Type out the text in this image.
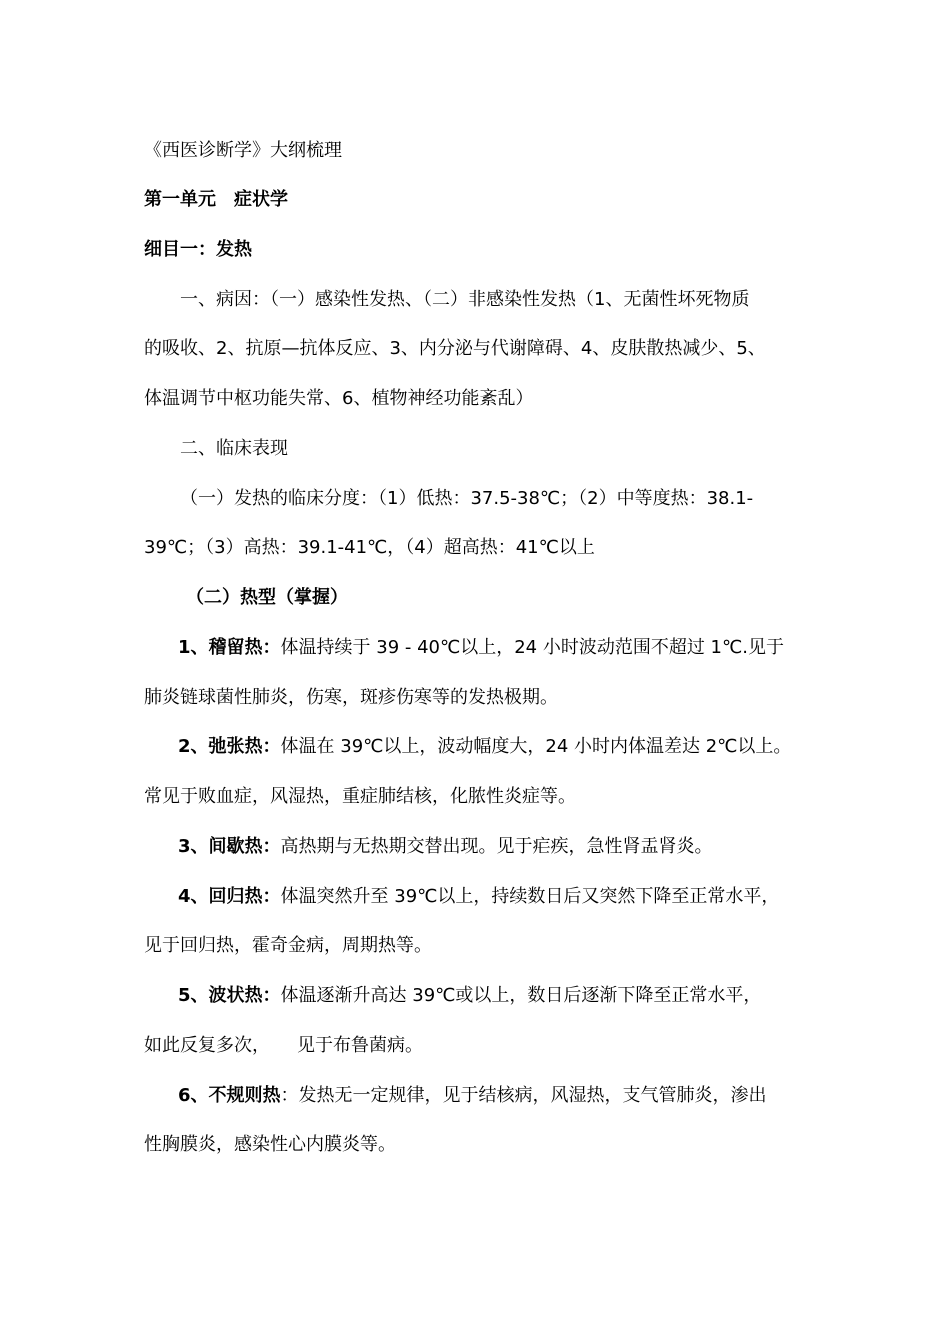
《西医诊断学》大纲梳理
第一单元　症状学
细目一：发热
一、病因：（一）感染性发热、（二）非感染性发热（1、无菌性坏死物质
的吸收、2、抗原—抗体反应、3、内分泌与代谢障碍、4、皮肤散热减少、5、
体温调节中枢功能失常、6、植物神经功能紊乱）
二、临床表现
（一）发热的临床分度：（1）低热：37.5-38℃；（2）中等度热：38.1-
39℃；（3）高热：39.1-41℃，（4）超高热：41℃以上
（二）热型（掌握）
1、稽留热：体温持续于 39 - 40℃以上，24 小时波动范围不超过 1℃.见于
肺炎链球菌性肺炎，伤寒，斑疹伤寒等的发热极期。
2、弛张热：体温在 39℃以上，波动幅度大，24 小时内体温差达 2℃以上。
常见于败血症，风湿热，重症肺结核，化脓性炎症等。
3、间歇热：高热期与无热期交替出现。见于疟疾，急性肾盂肾炎。
4、回归热：体温突然升至 39℃以上，持续数日后又突然下降至正常水平，
见于回归热，霍奇金病，周期热等。
5、波状热：体温逐渐升高达 39℃或以上，数日后逐渐下降至正常水平，
如此反复多次，　　见于布鲁菌病。
6、不规则热：发热无一定规律，见于结核病，风湿热，支气管肺炎，渗出
性胸膜炎，感染性心内膜炎等。
